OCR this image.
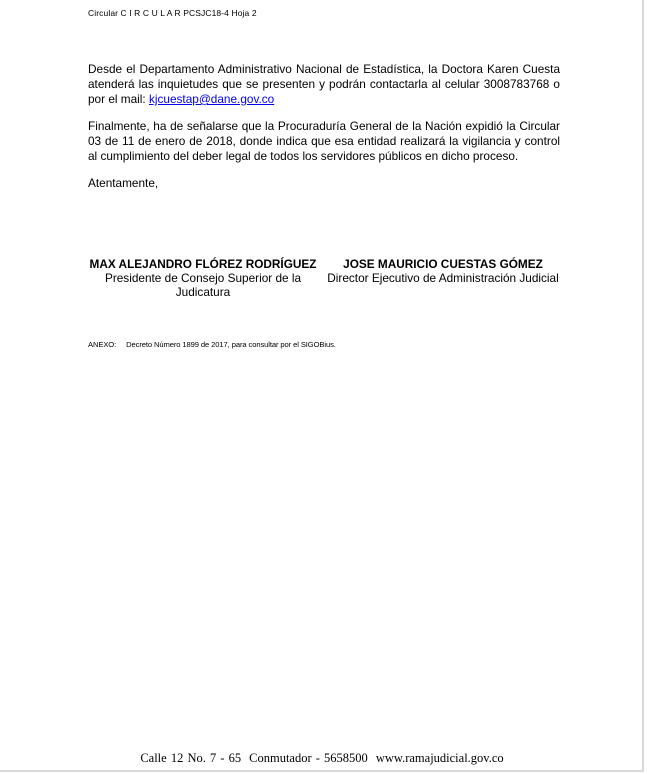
Circular C I R C U L A R PCSJC18-4 Hoja 2

Desde el Departamento Administrativo Nacional de Estadística, la Doctora Karen Cuesta atenderá las inquietudes que se presenten y podrán contactarla al celular 3008783768 o por el mail: kjcuestap@dane.gov.co

Finalmente, ha de señalarse que la Procuraduría General de la Nación expidió la Circular 03 de 11 de enero de 2018, donde indica que esa entidad realizará la vigilancia y control al cumplimiento del deber legal de todos los servidores públicos en dicho proceso.

Atentamente,
MAX ALEJANDRO FLÓREZ RODRÍGUEZ
Presidente de Consejo Superior de la Judicatura
JOSE MAURICIO CUESTAS GÓMEZ
Director Ejecutivo de Administración Judicial
ANEXO: Decreto Número 1899 de 2017, para consultar por el SIGOBius.
Calle 12 No. 7 - 65 Conmutador - 5658500 www.ramajudicial.gov.co
